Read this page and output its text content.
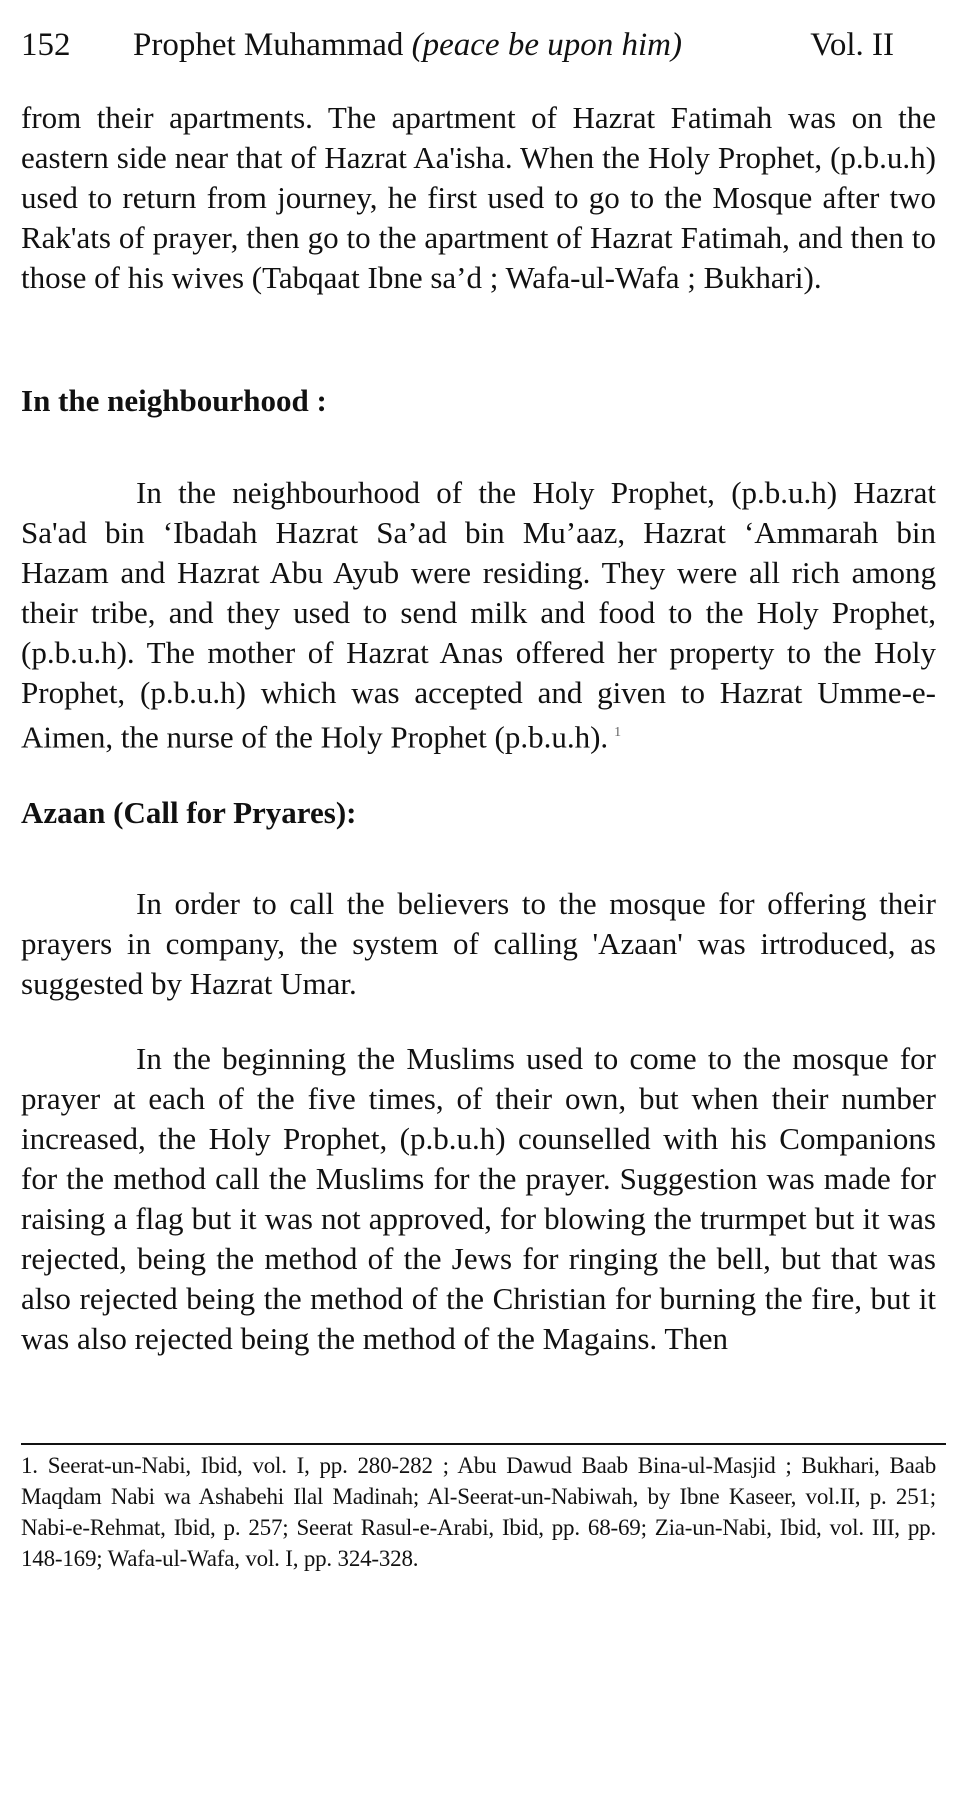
152 Prophet Muhammad (peace be upon him)	Vol. II

from their apartments. The apartment of Hazrat Fatimah was on the eastern side near that of Hazrat Aa'isha. When the Holy Prophet, (p.b.u.h) used to return from journey, he first used to go to the Mosque after two Rak'ats of prayer, then go to the apartment of Hazrat Fatimah, and then to those of his wives (Tabqaat Ibne sa’d ; Wafa-ul-Wafa ; Bukhari).

In the neighbourhood :

In the neighbourhood of the Holy Prophet, (p.b.u.h) Hazrat Sa'ad bin ‘Ibadah Hazrat Sa’ad bin Mu’aaz, Hazrat ‘Ammarah bin Hazam and Hazrat Abu Ayub were residing. They were all rich among their tribe, and they used to send milk and food to the Holy Prophet, (p.b.u.h). The mother of Hazrat Anas offered her property to the Holy Prophet, (p.b.u.h) which was accepted and given to Hazrat Umme-e-Aimen, the nurse of the Holy Prophet (p.b.u.h). $^1$

Azaan (Call for Pryares):

In order to call the believers to the mosque for offering their prayers in company, the system of calling 'Azaan' was irtroduced, as suggested by Hazrat Umar.

In the beginning the Muslims used to come to the mosque for prayer at each of the five times, of their own, but when their number increased, the Holy Prophet, (p.b.u.h) counselled with his Companions for the method call the Muslims for the prayer. Suggestion was made for raising a flag but it was not approved, for blowing the trurmpet but it was rejected, being the method of the Jews for ringing the bell, but that was also rejected being the method of the Christian for burning the fire, but it was also rejected being the method of the Magains. Then

1. Seerat-un-Nabi, Ibid, vol. I, pp. 280-282 ; Abu Dawud Baab Bina-ul-Masjid ; Bukhari, Baab Maqdam Nabi wa Ashabehi Ilal Madinah; Al-Seerat-un-Nabiwah, by Ibne Kaseer, vol.II, p. 251; Nabi-e-Rehmat, Ibid, p. 257; Seerat Rasul-e-Arabi, Ibid, pp. 68-69; Zia-un-Nabi, Ibid, vol. III, pp. 148-169; Wafa-ul-Wafa, vol. I, pp. 324-328.
